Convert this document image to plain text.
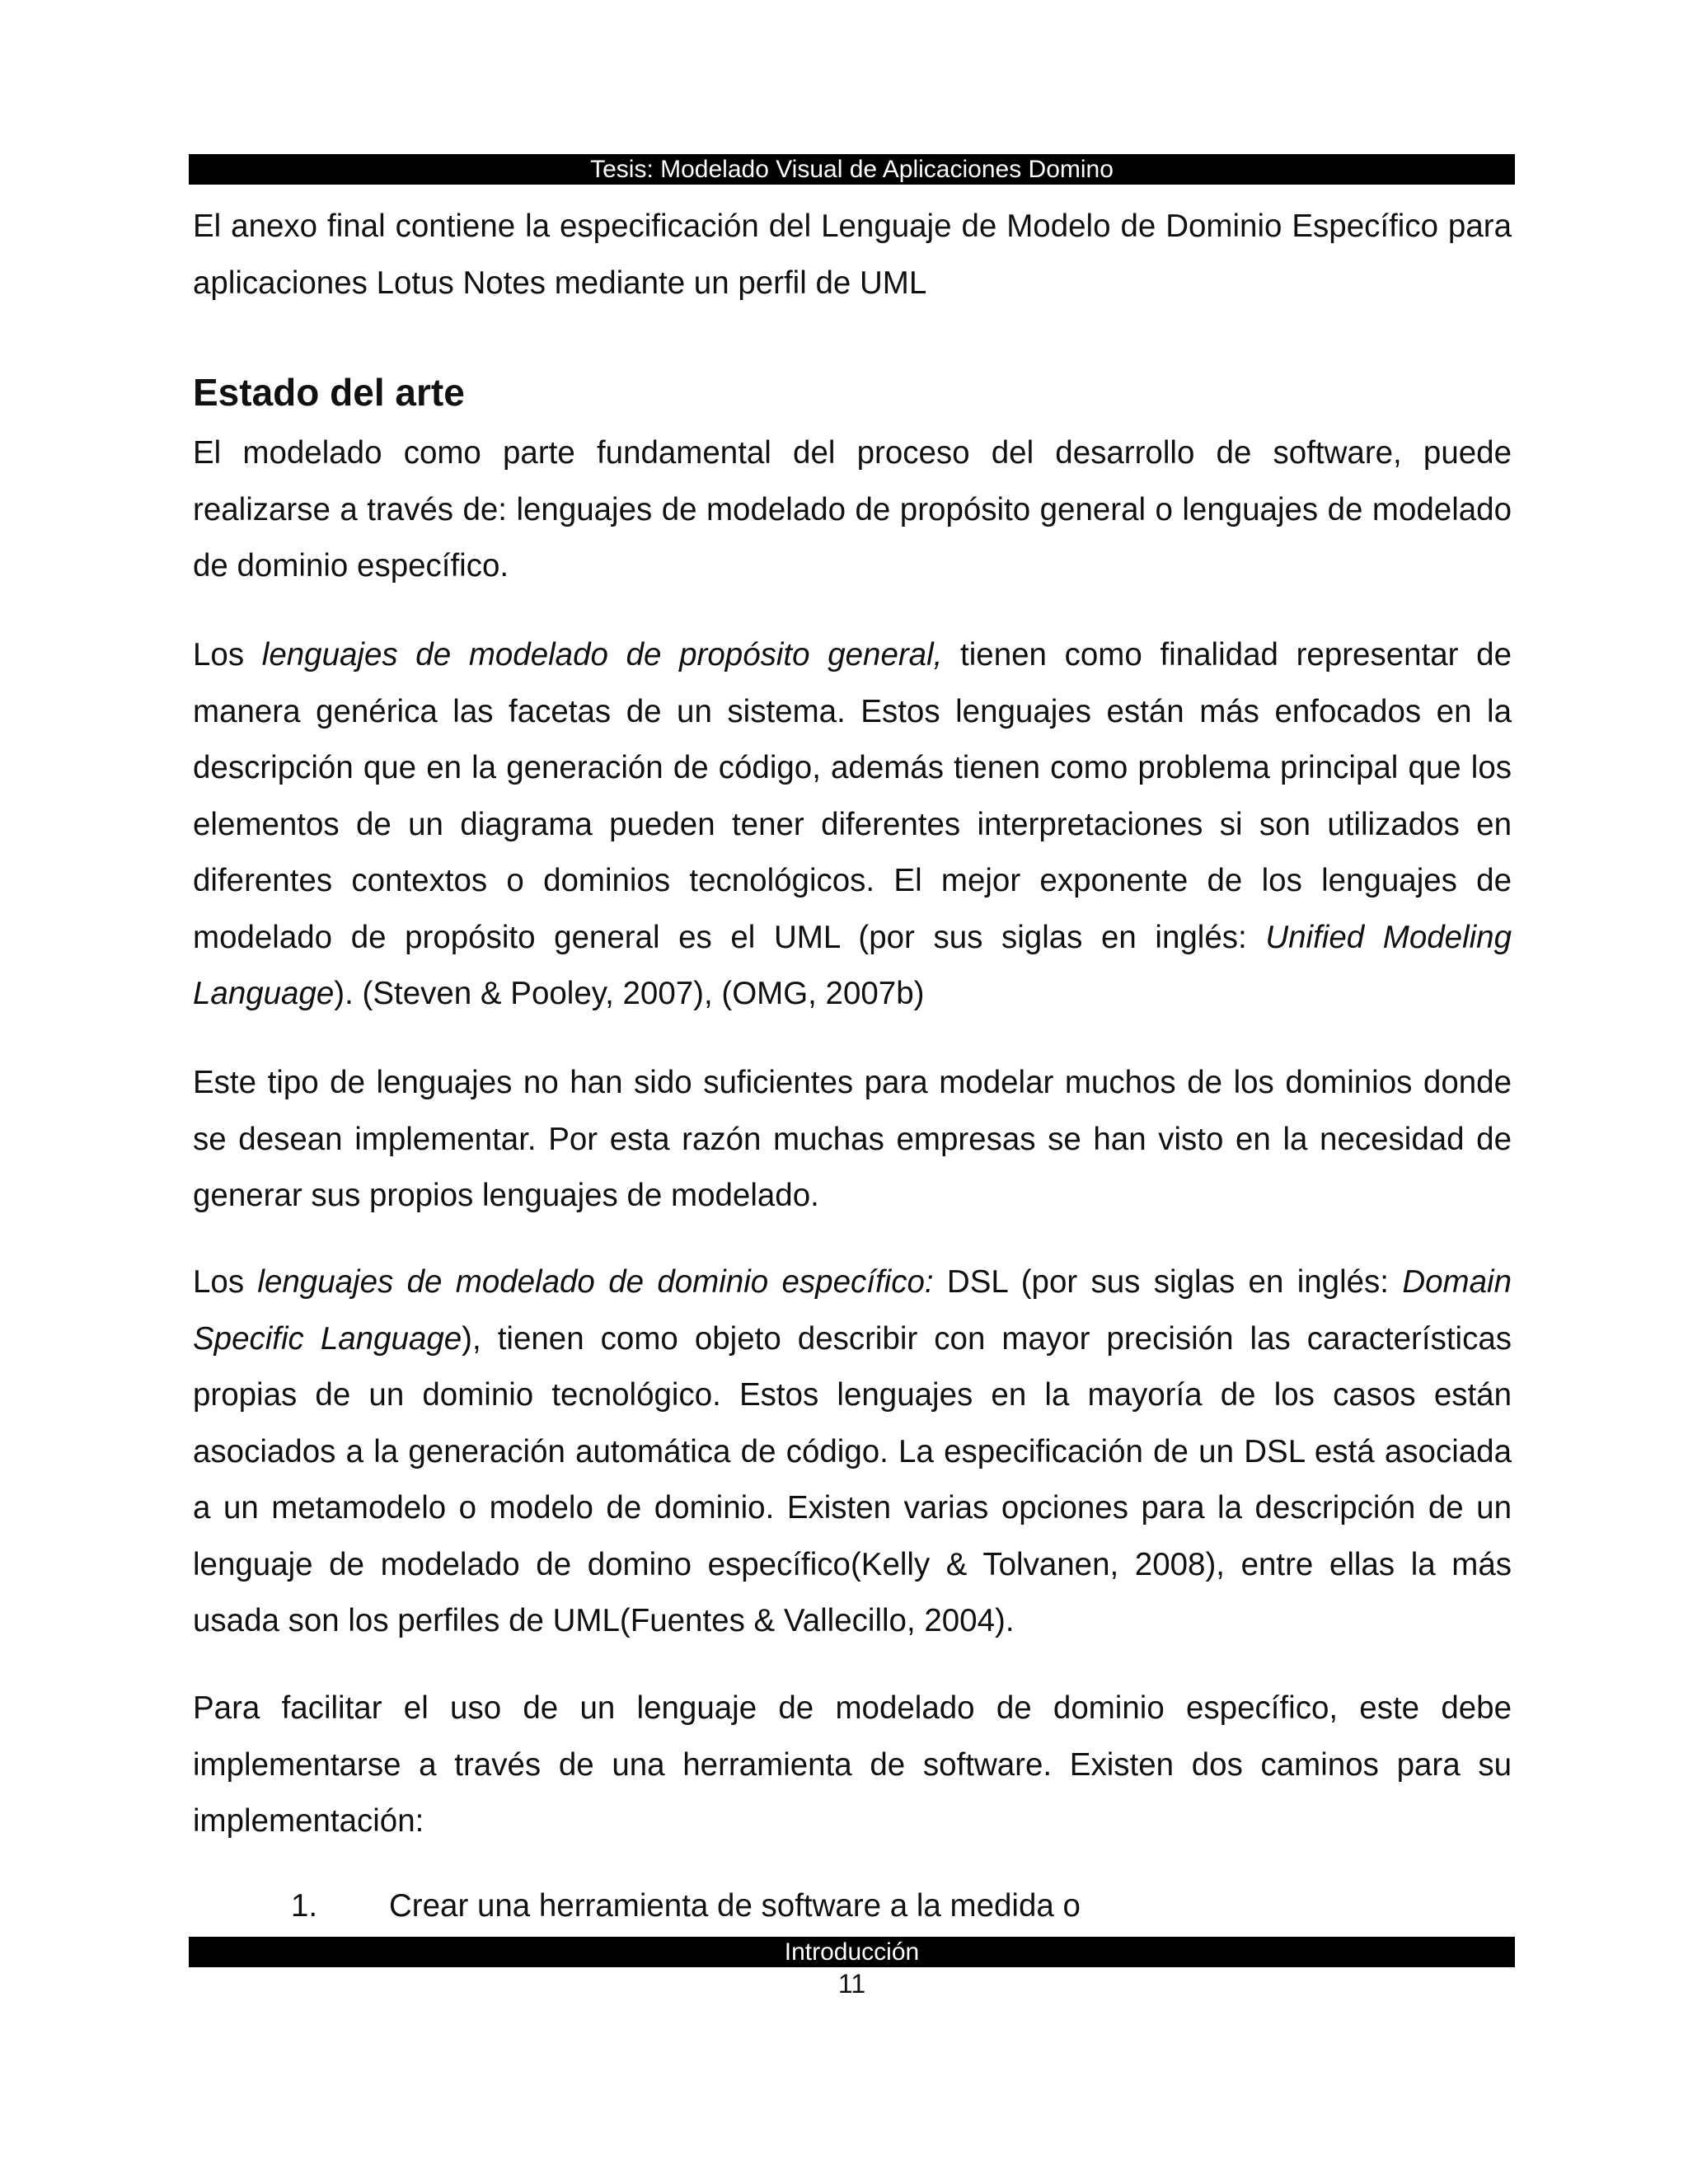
Tesis: Modelado Visual de Aplicaciones Domino

El anexo final contiene la especificación del Lenguaje de Modelo de Dominio Específico para aplicaciones Lotus Notes mediante un perfil de UML

Estado del arte

El modelado como parte fundamental del proceso del desarrollo de software, puede realizarse a través de: lenguajes de modelado de propósito general o lenguajes de modelado de dominio específico.

Los lenguajes de modelado de propósito general, tienen como finalidad representar de manera genérica las facetas de un sistema. Estos lenguajes están más enfocados en la descripción que en la generación de código, además tienen como problema principal que los elementos de un diagrama pueden tener diferentes interpretaciones si son utilizados en diferentes contextos o dominios tecnológicos. El mejor exponente de los lenguajes de modelado de propósito general es el UML (por sus siglas en inglés: Unified Modeling Language). (Steven & Pooley, 2007), (OMG, 2007b)

Este tipo de lenguajes no han sido suficientes para modelar muchos de los dominios donde se desean implementar. Por esta razón muchas empresas se han visto en la necesidad de generar sus propios lenguajes de modelado.

Los lenguajes de modelado de dominio específico: DSL (por sus siglas en inglés: Domain Specific Language), tienen como objeto describir con mayor precisión las características propias de un dominio tecnológico. Estos lenguajes en la mayoría de los casos están asociados a la generación automática de código. La especificación de un DSL está asociada a un metamodelo o modelo de dominio. Existen varias opciones para la descripción de un lenguaje de modelado de domino específico(Kelly & Tolvanen, 2008), entre ellas la más usada son los perfiles de UML(Fuentes & Vallecillo, 2004).

Para facilitar el uso de un lenguaje de modelado de dominio específico, este debe implementarse a través de una herramienta de software. Existen dos caminos para su implementación:

1. Crear una herramienta de software a la medida o
Introducción
11
